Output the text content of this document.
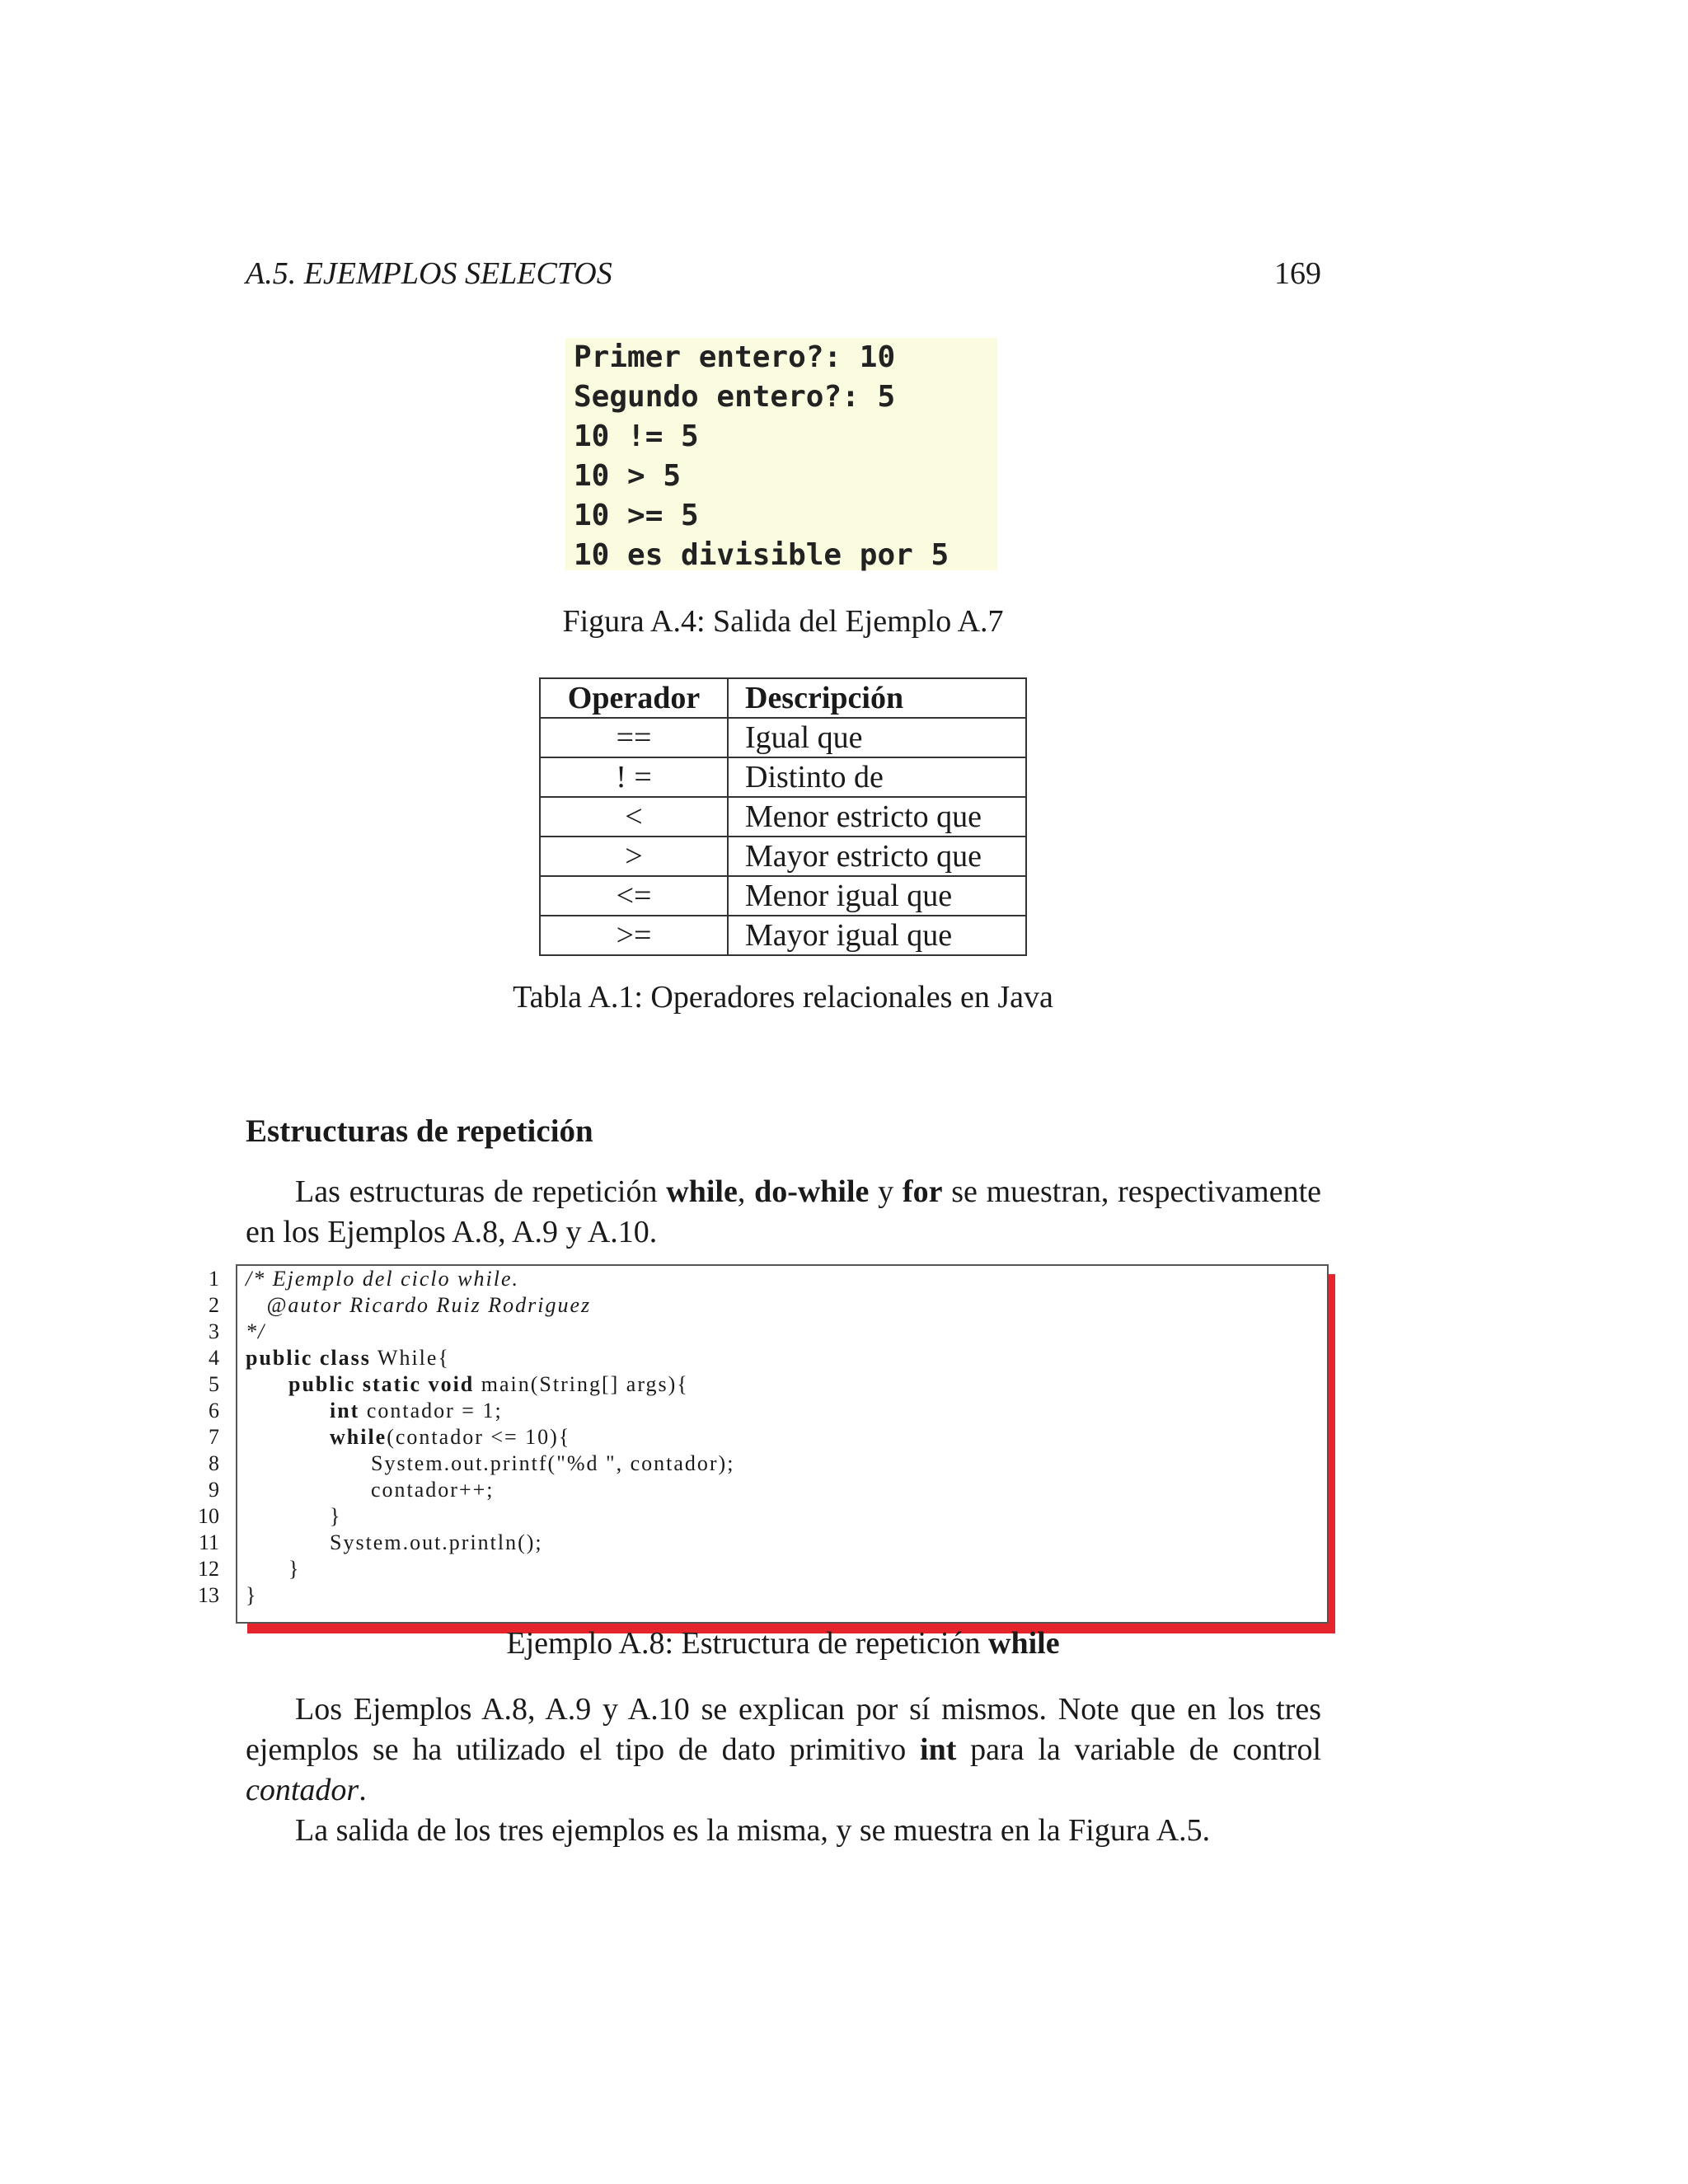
A.5. EJEMPLOS SELECTOS	169
Primer entero?: 10
Segundo entero?: 5
10 != 5
10 > 5
10 >= 5
10 es divisible por 5
Figura A.4: Salida del Ejemplo A.7
Operador	Descripción
==	Igual que
! =	Distinto de
<	Menor estricto que
>	Mayor estricto que
<=	Menor igual que
>=	Mayor igual que
Tabla A.1: Operadores relacionales en Java
Estructuras de repetición

Las estructuras de repetición while, do-while y for se muestran, respectivamente en los Ejemplos A.8, A.9 y A.10.

1
2
3
4
5
6
7
8
9
10
11
12
13
/* Ejemplo del ciclo while.
@autor Ricardo Ruiz Rodriguez
*/
public class While{
public static void main(String[] args){
int contador = 1;
while(contador <= 10){
System.out.printf("%d ", contador);
contador++;
}
System.out.println();
}
}
Ejemplo A.8: Estructura de repetición while

Los Ejemplos A.8, A.9 y A.10 se explican por sí mismos. Note que en los tres ejemplos se ha utilizado el tipo de dato primitivo int para la variable de control contador.

La salida de los tres ejemplos es la misma, y se muestra en la Figura A.5.
